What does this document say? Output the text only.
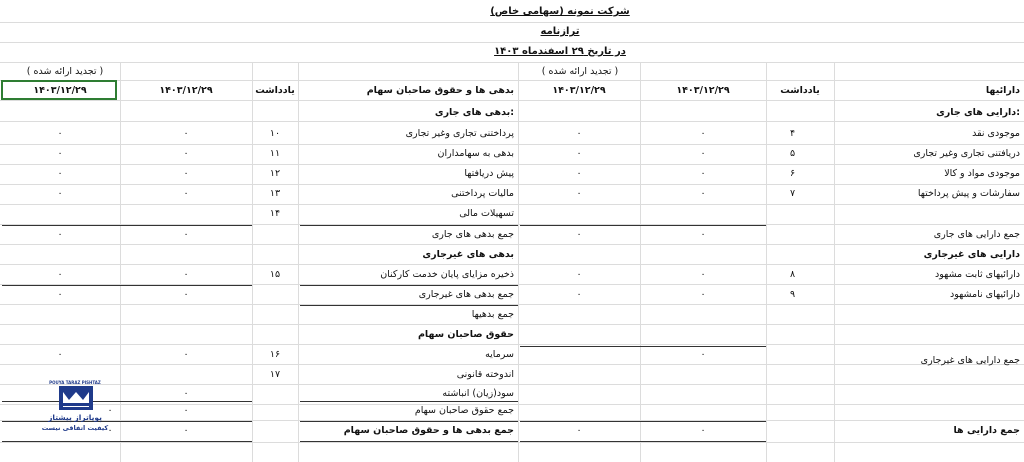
شرکت نمونه (سهامی خاص)
ترازنامه
در تاریخ ۲۹ اسفندماه ۱۴۰۳
( تجدید ارائه شده )	( تجدید ارائه شده )
دارائیها
یادداشت
۱۴۰۳/۱۲/۲۹
۱۴۰۳/۱۲/۲۹
بدهی ها و حقوق صاحبان سهام
یادداشت
۱۴۰۳/۱۲/۲۹
۱۴۰۳/۱۲/۲۹
دارایی های جاری:
موجودی نقد
۴
۰
۰
دریافتنی تجاری وغیر تجاری
۵
۰
۰
موجودی مواد و کالا
۶
۰
۰
سفارشات و پیش پرداختها
۷
۰
۰
جمع دارایی های جاری
۰
۰
دارایی های غیرجاری
دارائیهای ثابت مشهود
۸
۰
۰
دارائیهای نامشهود
۹
۰
۰
جمع دارایی های غیرجاری
۰
جمع دارایی ها
۰
۰
بدهی های جاری:
پرداختنی تجاری وغیر تجاری
۱۰
۰
۰
بدهی به سهامداران
۱۱
۰
۰
پیش دریافتها
۱۲
۰
۰
مالیات پرداختنی
۱۳
۰
۰
تسهیلات مالی
۱۴
جمع بدهی های جاری
۰
۰
بدهی های غیرجاری
ذخیره مزایای پایان خدمت کارکنان
۱۵
۰
۰
جمع بدهی های غیرجاری
۰
۰
جمع بدهیها
حقوق صاحبان سهام
سرمایه
۱۶
۰
۰
اندوخته قانونی
۱۷
سود(زیان) انباشته
۰
جمع حقوق صاحبان سهام
۰
۰
جمع بدهی ها و حقوق صاحبان سهام
۰
۰
POUYA TARAZ PISHTAZ
پویاتراز پیشتاز
کیفیت اتفاقی نیست
